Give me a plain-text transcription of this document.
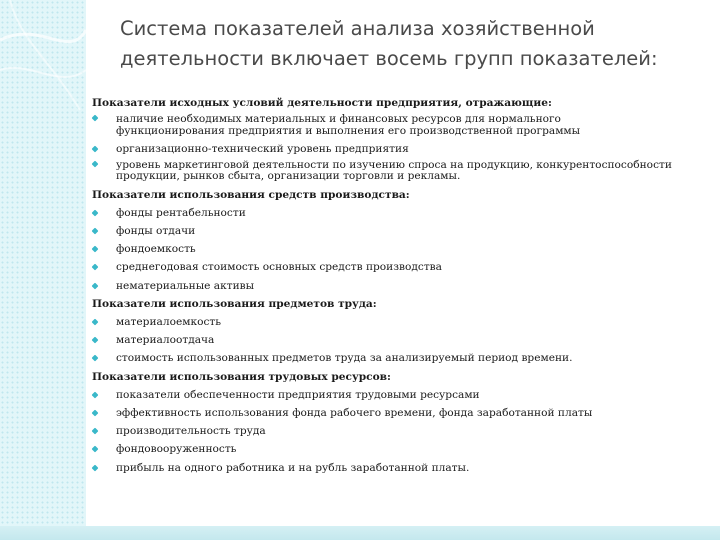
Система показателей анализа хозяйственной
деятельности включает восемь групп показателей:
Показатели исходных условий деятельности предприятия, отражающие:
наличие необходимых материальных и финансовых ресурсов для нормального
функционирования предприятия и выполнения его производственной программы
организационно-технический уровень предприятия
уровень маркетинговой деятельности по изучению спроса на продукцию, конкурентоспособности
продукции, рынков сбыта, организации торговли и рекламы.
Показатели использования средств производства:
фонды рентабельности
фонды отдачи
фондоемкость
среднегодовая стоимость основных средств производства
нематериальные активы
Показатели использования предметов труда:
материалоемкость
материалоотдача
стоимость использованных предметов труда за анализируемый период времени.
Показатели использования трудовых ресурсов:
показатели обеспеченности предприятия трудовыми ресурсами
эффективность использования фонда рабочего времени, фонда заработанной платы
производительность труда
фондовооруженность
прибыль на одного работника и на рубль заработанной платы.
